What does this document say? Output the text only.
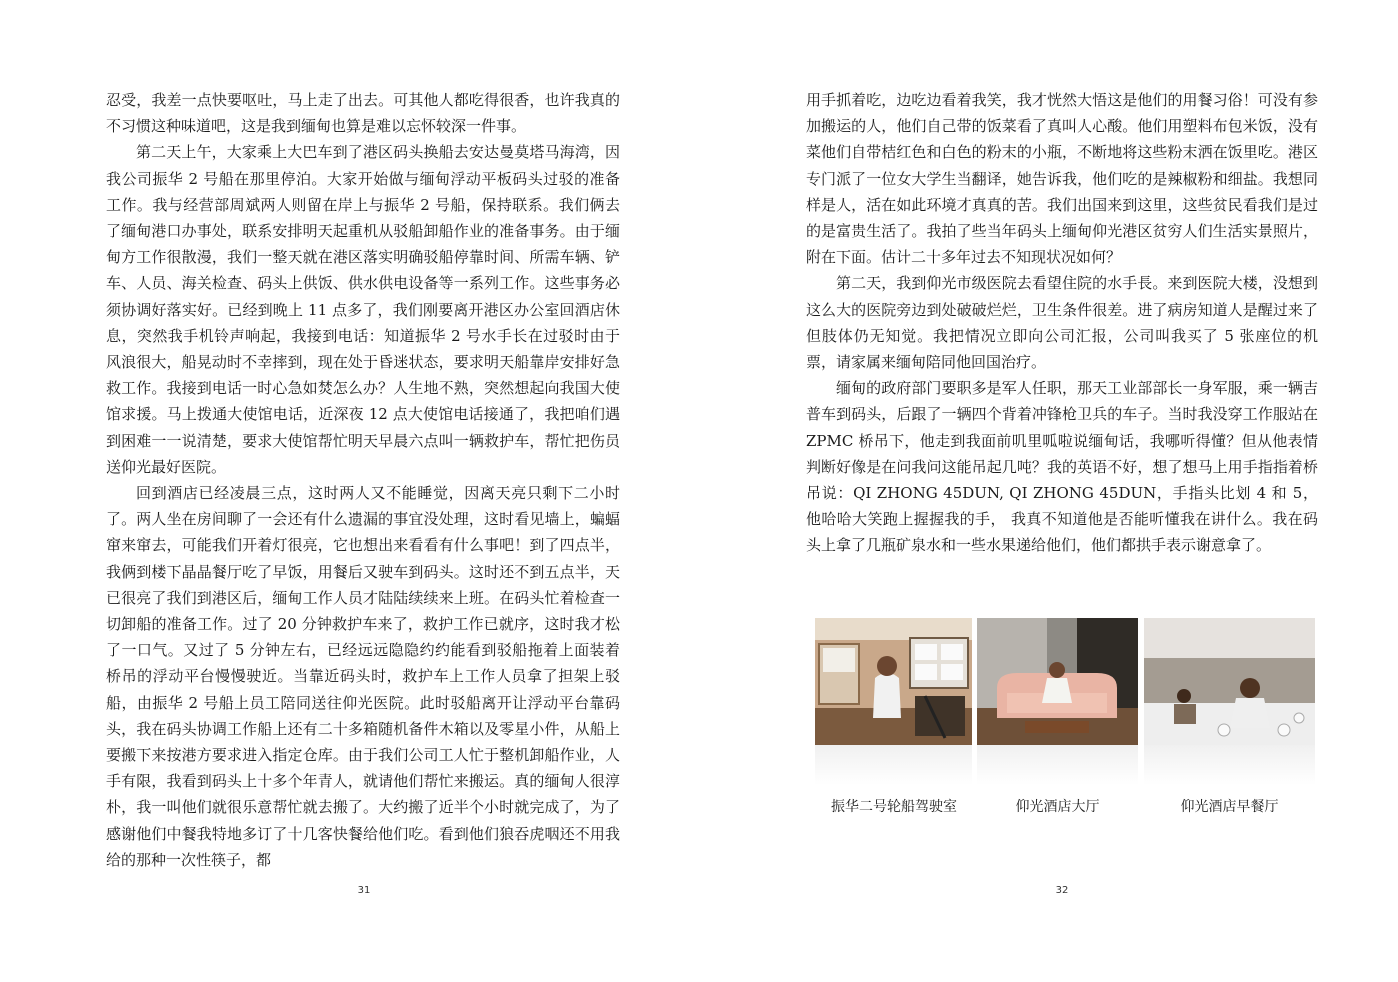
忍受，我差一点快要呕吐，马上走了出去。可其他人都吃得很香，也许我真的不习惯这种味道吧，这是我到缅甸也算是难以忘怀较深一件事。

第二天上午，大家乘上大巴车到了港区码头换船去安达曼莫塔马海湾，因我公司振华 2 号船在那里停泊。大家开始做与缅甸浮动平板码头过驳的准备工作。我与经营部周斌两人则留在岸上与振华 2 号船，保持联系。我们俩去了缅甸港口办事处，联系安排明天起重机从驳船卸船作业的准备事务。由于缅甸方工作很散漫，我们一整天就在港区落实明确驳船停靠时间、所需车辆、铲车、人员、海关检查、码头上供饭、供水供电设备等一系列工作。这些事务必须协调好落实好。已经到晚上 11 点多了，我们刚要离开港区办公室回酒店休息，突然我手机铃声响起，我接到电话：知道振华 2 号水手长在过驳时由于风浪很大，船晃动时不幸摔到，现在处于昏迷状态，要求明天船靠岸安排好急救工作。我接到电话一时心急如焚怎么办？人生地不熟，突然想起向我国大使馆求援。马上拨通大使馆电话，近深夜 12 点大使馆电话接通了，我把咱们遇到困难一一说清楚，要求大使馆帮忙明天早晨六点叫一辆救护车，帮忙把伤员送仰光最好医院。

回到酒店已经凌晨三点，这时两人又不能睡觉，因离天亮只剩下二小时了。两人坐在房间聊了一会还有什么遗漏的事宜没处理，这时看见墙上，蝙蝠窜来窜去，可能我们开着灯很亮，它也想出来看看有什么事吧！到了四点半，我俩到楼下晶晶餐厅吃了早饭，用餐后又驶车到码头。这时还不到五点半，天已很亮了我们到港区后，缅甸工作人员才陆陆续续来上班。在码头忙着检查一切卸船的准备工作。过了 20 分钟救护车来了，救护工作已就序，这时我才松了一口气。又过了 5 分钟左右，已经远远隐隐约约能看到驳船拖着上面装着桥吊的浮动平台慢慢驶近。当靠近码头时，救护车上工作人员拿了担架上驳船，由振华 2 号船上员工陪同送往仰光医院。此时驳船离开让浮动平台靠码头，我在码头协调工作船上还有二十多箱随机备件木箱以及零星小件，从船上要搬下来按港方要求进入指定仓库。由于我们公司工人忙于整机卸船作业，人手有限，我看到码头上十多个年青人，就请他们帮忙来搬运。真的缅甸人很淳朴，我一叫他们就很乐意帮忙就去搬了。大约搬了近半个小时就完成了，为了感谢他们中餐我特地多订了十几客快餐给他们吃。看到他们狼吞虎咽还不用我给的那种一次性筷子，都

31

用手抓着吃，边吃边看着我笑，我才恍然大悟这是他们的用餐习俗！可没有参加搬运的人，他们自己带的饭菜看了真叫人心酸。他们用塑料布包米饭，没有菜他们自带桔红色和白色的粉末的小瓶，不断地将这些粉末洒在饭里吃。港区专门派了一位女大学生当翻译，她告诉我，他们吃的是辣椒粉和细盐。我想同样是人，活在如此环境才真真的苦。我们出国来到这里，这些贫民看我们是过的是富贵生活了。我拍了些当年码头上缅甸仰光港区贫穷人们生活实景照片，附在下面。估计二十多年过去不知现状况如何？

第二天，我到仰光市级医院去看望住院的水手長。来到医院大楼，没想到这么大的医院旁边到处破破烂烂，卫生条件很差。进了病房知道人是醒过来了 但肢体仍无知觉。我把情况立即向公司汇报，公司叫我买了 5 张座位的机票，请家属来缅甸陪同他回国治疗。

缅甸的政府部门要职多是军人任职，那天工业部部长一身军服，乘一辆吉普车到码头，后跟了一辆四个背着冲锋枪卫兵的车子。当时我没穿工作服站在 ZPMC 桥吊下，他走到我面前叽里呱啦说缅甸话，我哪听得懂？但从他表情判断好像是在问我问这能吊起几吨？我的英语不好，想了想马上用手指指着桥吊说：QI ZHONG 45DUN, QI ZHONG 45DUN，手指头比划 4 和 5， 他哈哈大笑跑上握握我的手， 我真不知道他是否能听懂我在讲什么。我在码头上拿了几瓶矿泉水和一些水果递给他们，他们都拱手表示谢意拿了。

振华二号轮船驾驶室	仰光酒店大厅	仰光酒店早餐厅
32
